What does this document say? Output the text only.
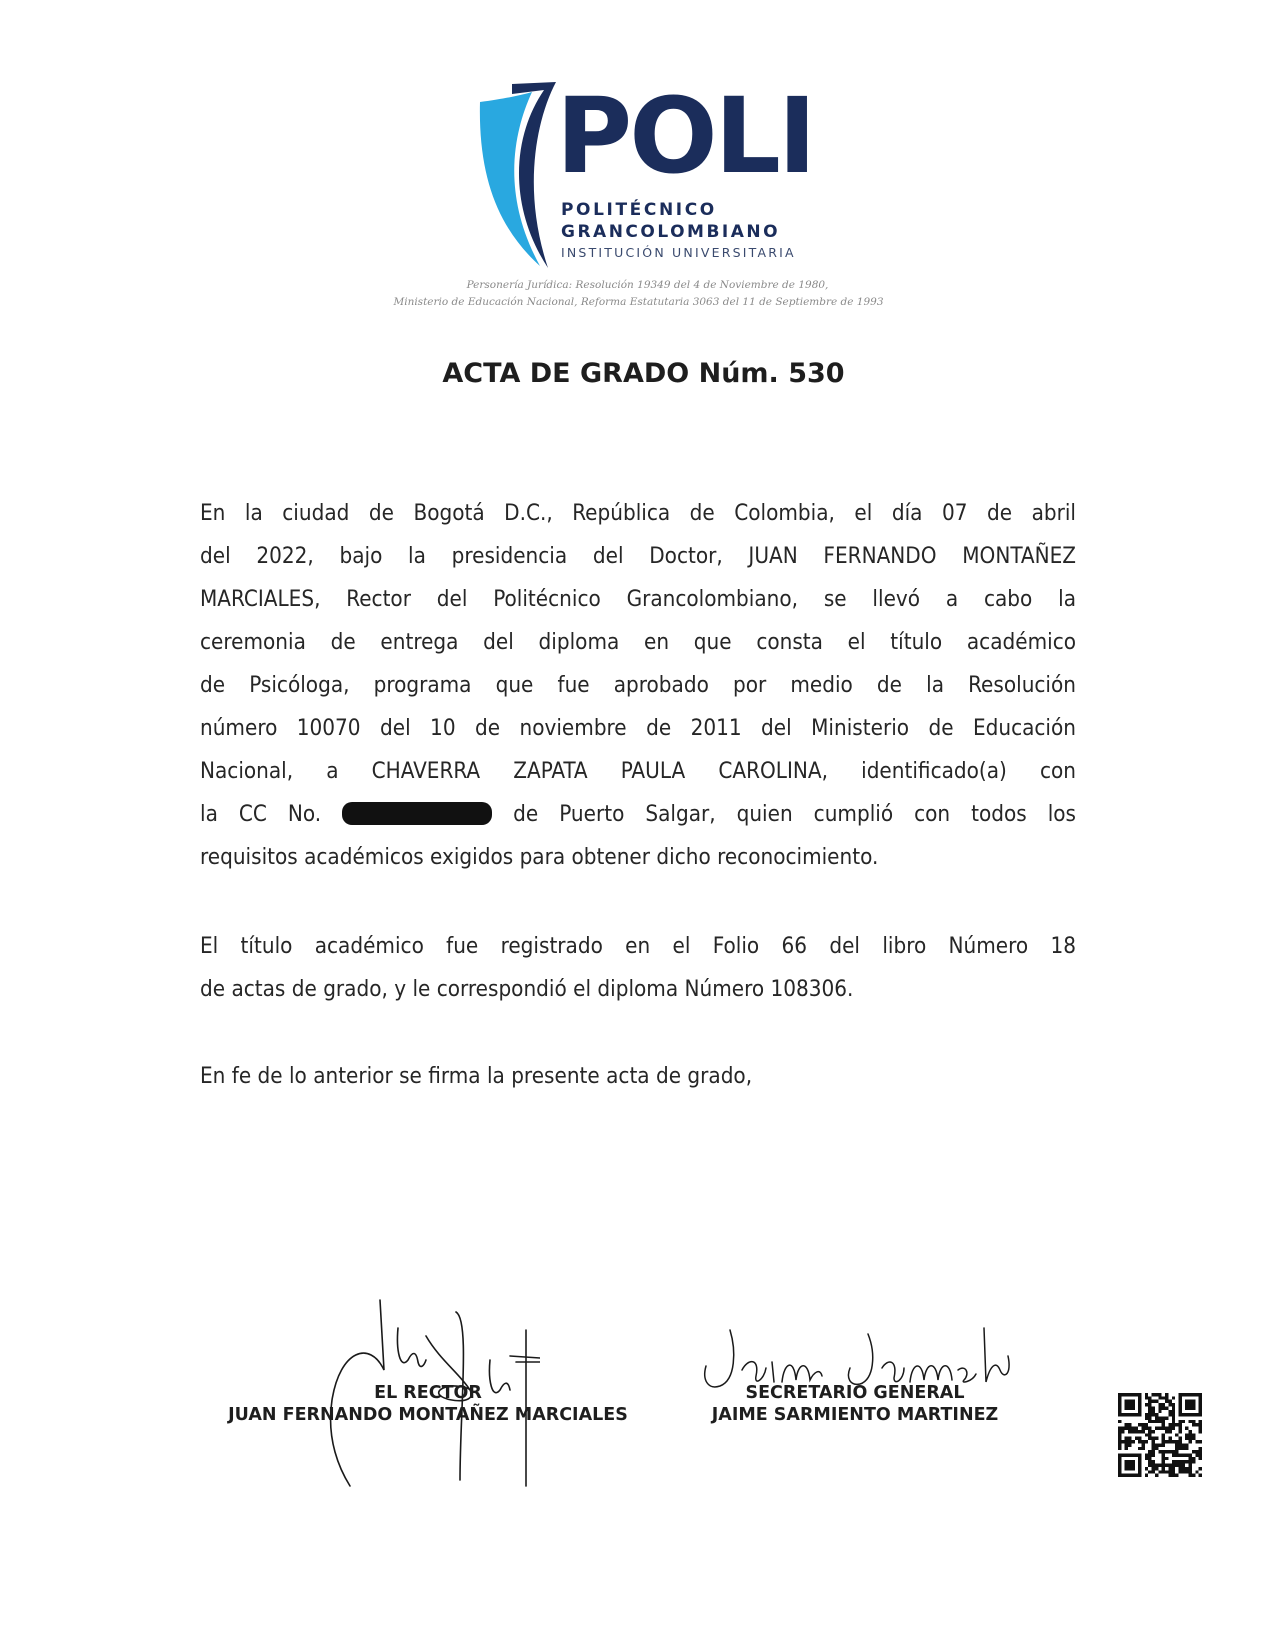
POLI
POLITÉCNICO
GRANCOLOMBIANO
INSTITUCIÓN UNIVERSITARIA
Personería Jurídica: Resolución 19349 del 4 de Noviembre de 1980,
Ministerio de Educación Nacional, Reforma Estatutaria 3063 del 11 de Septiembre de 1993
ACTA DE GRADO Núm. 530
En la ciudad de Bogotá D.C., República de Colombia, el día 07 de abril
del 2022, bajo la presidencia del Doctor, JUAN FERNANDO MONTAÑEZ
MARCIALES, Rector del Politécnico Grancolombiano, se llevó a cabo la
ceremonia de entrega del diploma en que consta el título académico
de Psicóloga, programa que fue aprobado por medio de la Resolución
número 10070 del 10 de noviembre de 2011 del Ministerio de Educación
Nacional, a CHAVERRA ZAPATA PAULA CAROLINA, identificado(a) con
la CC No.	de Puerto Salgar, quien cumplió con todos los
requisitos académicos exigidos para obtener dicho reconocimiento.
El título académico fue registrado en el Folio 66 del libro Número 18
de actas de grado, y le correspondió el diploma Número 108306.
En fe de lo anterior se firma la presente acta de grado,
EL RECTOR
JUAN FERNANDO MONTAÑEZ MARCIALES
SECRETARIO GENERAL
JAIME SARMIENTO MARTINEZ
